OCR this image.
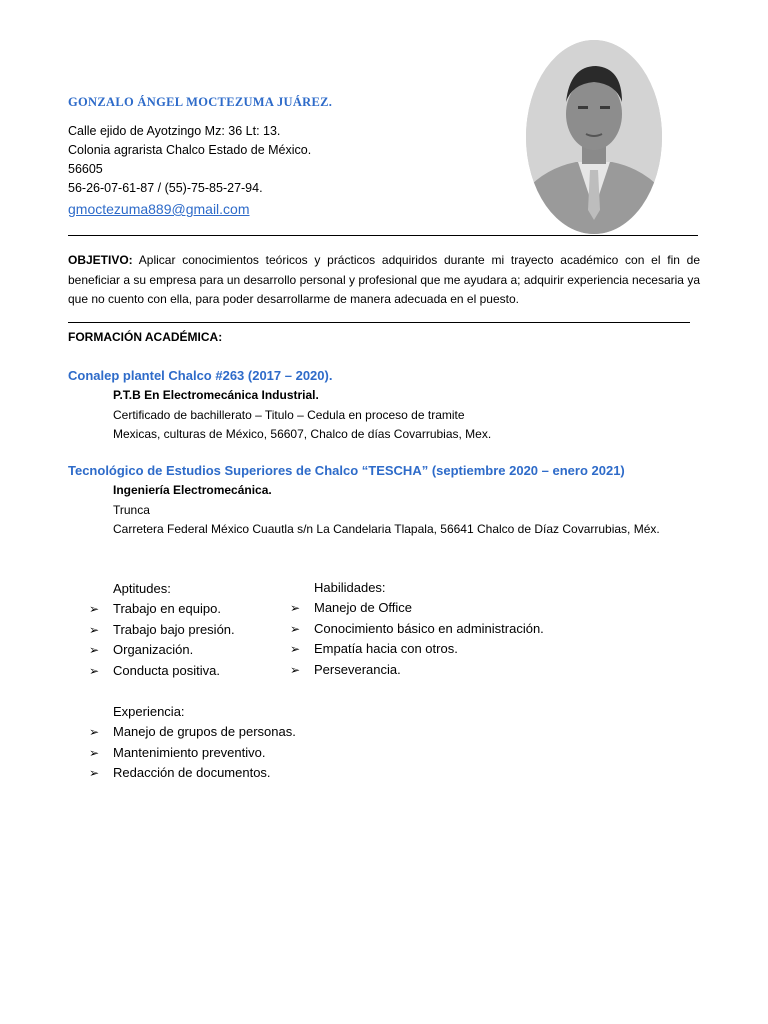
GONZALO ÁNGEL MOCTEZUMA JUÁREZ.
Calle ejido de Ayotzingo Mz: 36 Lt: 13.
Colonia agrarista Chalco Estado de México.
56605
56-26-07-61-87 / (55)-75-85-27-94.
gmoctezuma889@gmail.com
OBJETIVO: Aplicar conocimientos teóricos y prácticos adquiridos durante mi trayecto académico con el fin de beneficiar a su empresa para un desarrollo personal y profesional que me ayudara a; adquirir experiencia necesaria ya que no cuento con ella, para poder desarrollarme de manera adecuada en el puesto.
FORMACIÓN ACADÉMICA:
Conalep plantel Chalco #263 (2017 – 2020).
P.T.B En Electromecánica Industrial.
Certificado de bachillerato – Titulo – Cedula en proceso de tramite
Mexicas, culturas de México, 56607, Chalco de días Covarrubias, Mex.
Tecnológico de Estudios Superiores de Chalco “TESCHA” (septiembre 2020 – enero 2021)
Ingeniería Electromecánica.
Trunca
Carretera Federal México Cuautla s/n La Candelaria Tlapala, 56641 Chalco de Díaz Covarrubias, Méx.
Aptitudes:
➢ Trabajo en equipo.
➢ Trabajo bajo presión.
➢ Organización.
➢ Conducta positiva.
Habilidades:
➢ Manejo de Office
➢ Conocimiento básico en administración.
➢ Empatía hacia con otros.
➢ Perseverancia.
Experiencia:
➢ Manejo de grupos de personas.
➢ Mantenimiento preventivo.
➢ Redacción de documentos.
